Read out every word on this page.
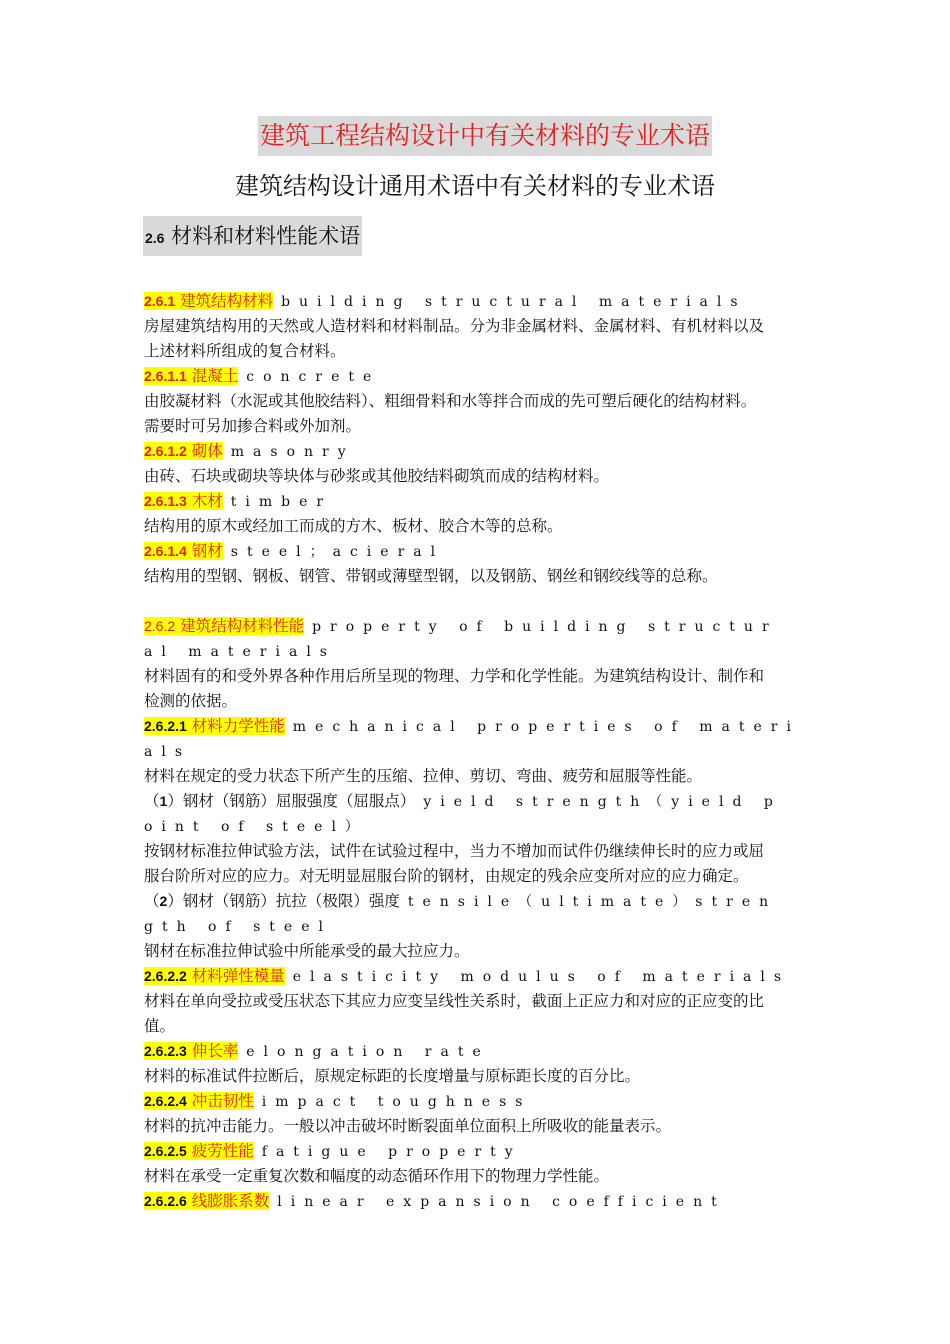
建筑工程结构设计中有关材料的专业术语
建筑结构设计通用术语中有关材料的专业术语
2.6 材料和材料性能术语
2.6.1 建筑结构材料 building structural materials
房屋建筑结构用的天然或人造材料和材料制品。分为非金属材料、金属材料、有机材料以及
上述材料所组成的复合材料。
2.6.1.1 混凝土 concrete
由胶凝材料（水泥或其他胶结料）、粗细骨料和水等拌合而成的先可塑后硬化的结构材料。
需要时可另加掺合料或外加剂。
2.6.1.2 砌体 masonry
由砖、石块或砌块等块体与砂浆或其他胶结料砌筑而成的结构材料。
2.6.1.3 木材 timber
结构用的原木或经加工而成的方木、板材、胶合木等的总称。
2.6.1.4 钢材 steel；acieral
结构用的型钢、钢板、钢管、带钢或薄壁型钢，以及钢筋、钢丝和钢绞线等的总称。
2.6.2 建筑结构材料性能 property of building structur
al materials
材料固有的和受外界各种作用后所呈现的物理、力学和化学性能。为建筑结构设计、制作和
检测的依据。
2.6.2.1 材料力学性能 mechanical properties of materi
als
材料在规定的受力状态下所产生的压缩、拉伸、剪切、弯曲、疲劳和屈服等性能。
（1）钢材（钢筋）屈服强度（屈服点） yield strength（yield p
oint of steel）
按钢材标准拉伸试验方法，试件在试验过程中，当力不增加而试件仍继续伸长时的应力或屈
服台阶所对应的应力。对无明显屈服台阶的钢材，由规定的残余应变所对应的应力确定。
（2）钢材（钢筋）抗拉（极限）强度 tensile（ultimate）stren
gth of steel
钢材在标准拉伸试验中所能承受的最大拉应力。
2.6.2.2 材料弹性模量 elasticity modulus of materials
材料在单向受拉或受压状态下其应力应变呈线性关系时，截面上正应力和对应的正应变的比
值。
2.6.2.3 伸长率 elongation rate
材料的标准试件拉断后，原规定标距的长度增量与原标距长度的百分比。
2.6.2.4 冲击韧性 impact toughness
材料的抗冲击能力。一般以冲击破坏时断裂面单位面积上所吸收的能量表示。
2.6.2.5 疲劳性能 fatigue property
材料在承受一定重复次数和幅度的动态循环作用下的物理力学性能。
2.6.2.6 线膨胀系数 linear expansion coefficient
